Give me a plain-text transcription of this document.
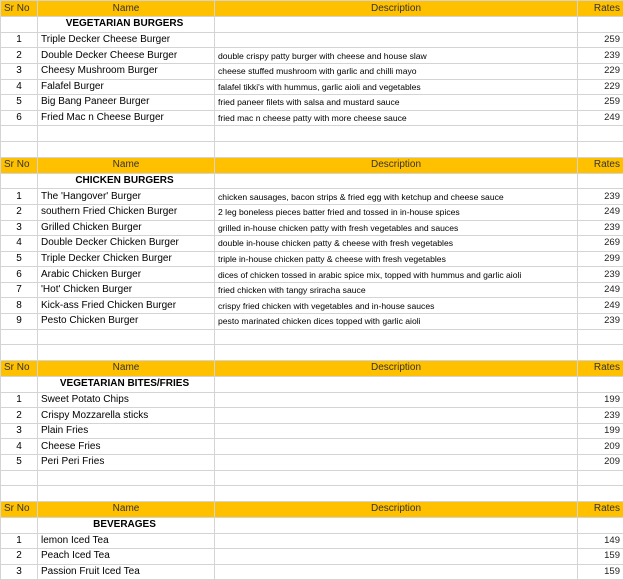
Sr No	Name	Description	Rates
	VEGETARIAN BURGERS		
1	Triple Decker Cheese Burger		259
2	Double Decker Cheese Burger	double crispy patty burger with cheese and house slaw	239
3	Cheesy Mushroom Burger	cheese stuffed mushroom with garlic and chilli mayo	229
4	Falafel Burger	falafel tikki's with hummus, garlic aioli and vegetables	229
5	Big Bang Paneer Burger	fried paneer filets with salsa and mustard sauce	259
6	Fried Mac n Cheese Burger	fried mac n cheese patty with more cheese sauce	249

Sr No	Name	Description	Rates
	CHICKEN BURGERS		
1	The 'Hangover' Burger	chicken sausages, bacon strips & fried egg with ketchup and cheese sauce	239
2	southern Fried Chicken Burger	2 leg boneless pieces batter fried and tossed in in-house spices	249
3	Grilled Chicken Burger	grilled in-house chicken patty with fresh vegetables and sauces	239
4	Double Decker Chicken Burger	double in-house chicken patty & cheese with fresh vegetables	269
5	Triple Decker Chicken Burger	triple in-house chicken patty & cheese with fresh vegetables	299
6	Arabic Chicken Burger	dices of chicken tossed in arabic spice mix, topped with hummus and garlic aioli	239
7	'Hot' Chicken Burger	fried chicken with tangy sriracha sauce	249
8	Kick-ass Fried Chicken Burger	crispy fried chicken with vegetables and in-house sauces	249
9	Pesto Chicken Burger	pesto marinated chicken dices topped with garlic aioli	239

Sr No	Name	Description	Rates
	VEGETARIAN BITES/FRIES		
1	Sweet Potato Chips		199
2	Crispy Mozzarella sticks		239
3	Plain Fries		199
4	Cheese Fries		209
5	Peri Peri Fries		209

Sr No	Name	Description	Rates
	BEVERAGES		
1	lemon Iced Tea		149
2	Peach Iced Tea		159
3	Passion Fruit Iced Tea		159
